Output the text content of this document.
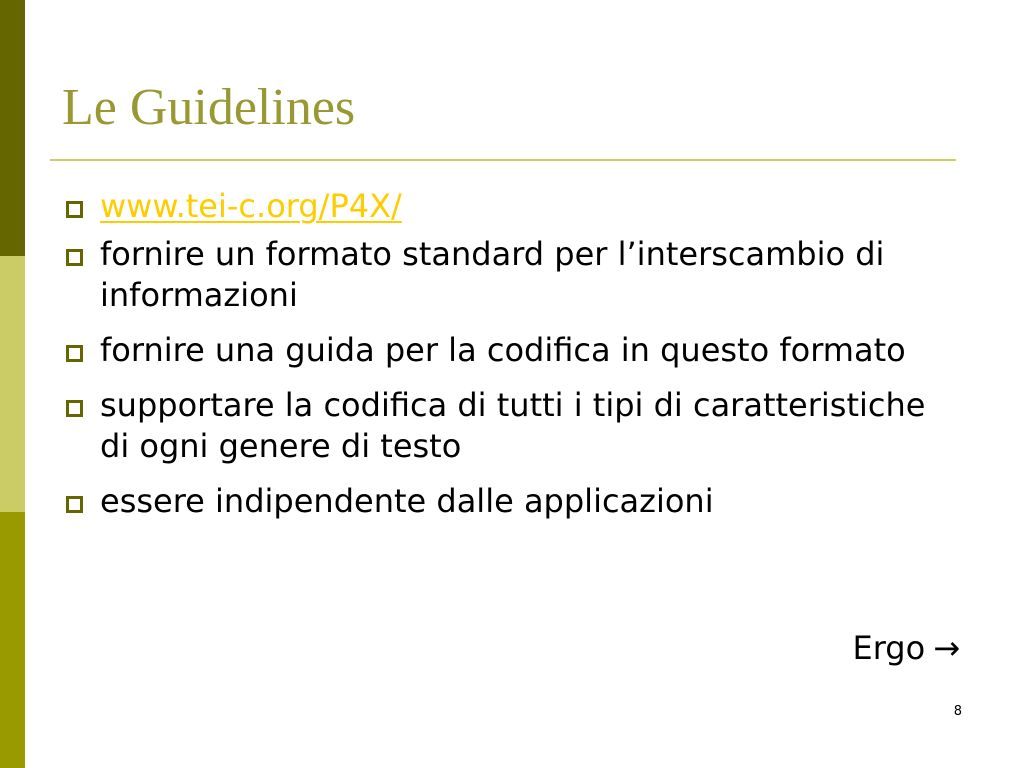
Le Guidelines
www.tei-c.org/P4X/
fornire un formato standard per l’interscambio di informazioni
fornire una guida per la codifica in questo formato
supportare la codifica di tutti i tipi di caratteristiche di ogni genere di testo
essere indipendente dalle applicazioni
Ergo →
8
